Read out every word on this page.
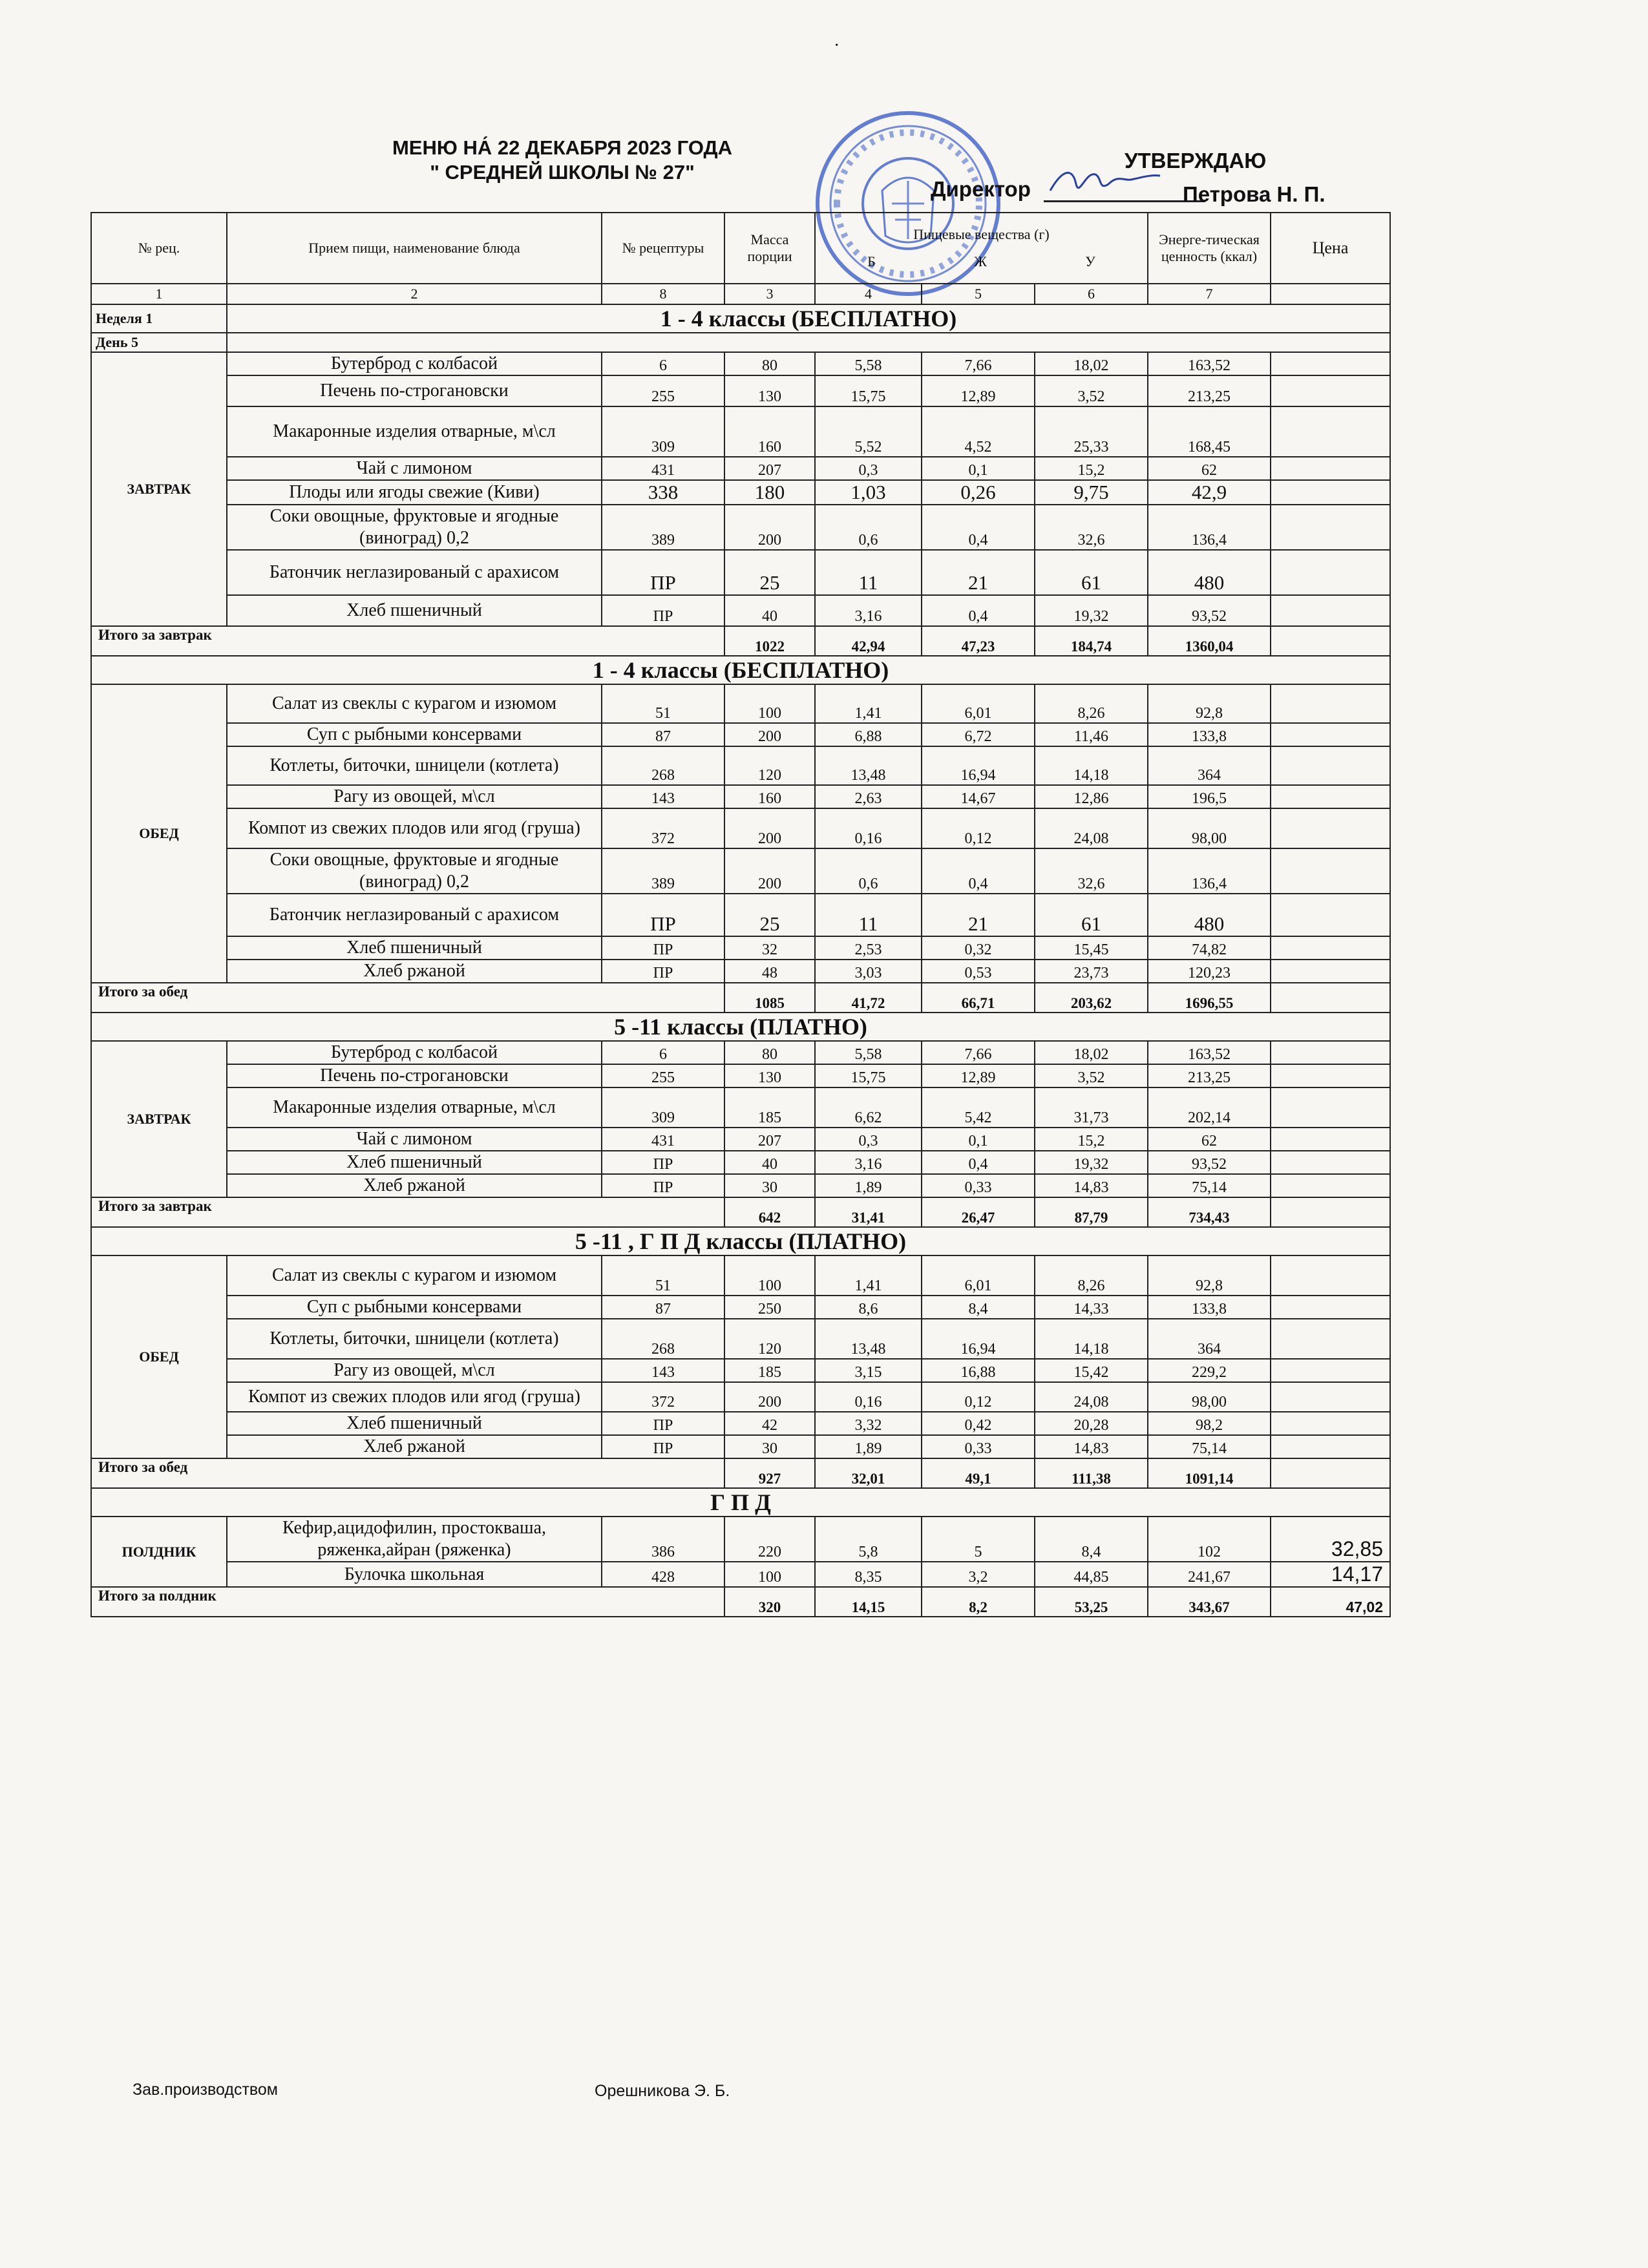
·
МЕНЮ НА́ 22 ДЕКАБРЯ 2023 ГОДА
" СРЕДНЕЙ ШКОЛЫ № 27"	УТВЕРЖДАЮ
Директор	Петрова Н. П.
№ рец.	Прием пищи, наименование блюда	№ рецептуры	Масса порции	Пищевые вещества (г)
Б Ж У			Энерге-тическая ценность (ккал)	Цена
1	2	8	3	4	5	6	7	
Неделя 1	1 - 4 классы (БЕСПЛАТНО)							
День 5								
ЗАВТРАК	Бутерброд с колбасой	6	80	5,58	7,66	18,02	163,52	
	Печень по-строгановски	255	130	15,75	12,89	3,52	213,25	
	Макаронные изделия отварные, м\сл	309	160	5,52	4,52	25,33	168,45	
	Чай с лимоном	431	207	0,3	0,1	15,2	62	
	Плоды или ягоды свежие (Киви)	338	180	1,03	0,26	9,75	42,9	
	Соки овощные, фруктовые и ягодные (виноград) 0,2	389	200	0,6	0,4	32,6	136,4	
	Батончик неглазированый с арахисом	ПР	25	11	21	61	480	
	Хлеб пшеничный	ПР	40	3,16	0,4	19,32	93,52	
Итого за завтрак			1022	42,94	47,23	184,74	1360,04	
1 - 4 классы (БЕСПЛАТНО)								
ОБЕД	Салат из свеклы с курагом и изюмом	51	100	1,41	6,01	8,26	92,8	
	Суп с рыбными консервами	87	200	6,88	6,72	11,46	133,8	
	Котлеты, биточки, шницели (котлета)	268	120	13,48	16,94	14,18	364	
	Рагу из овощей, м\сл	143	160	2,63	14,67	12,86	196,5	
	Компот из свежих плодов или ягод (груша)	372	200	0,16	0,12	24,08	98,00	
	Соки овощные, фруктовые и ягодные (виноград) 0,2	389	200	0,6	0,4	32,6	136,4	
	Батончик неглазированый с арахисом	ПР	25	11	21	61	480	
	Хлеб пшеничный	ПР	32	2,53	0,32	15,45	74,82	
	Хлеб ржаной	ПР	48	3,03	0,53	23,73	120,23	
Итого за обед			1085	41,72	66,71	203,62	1696,55	
5 -11 классы (ПЛАТНО)								
ЗАВТРАК	Бутерброд с колбасой	6	80	5,58	7,66	18,02	163,52	
	Печень по-строгановски	255	130	15,75	12,89	3,52	213,25	
	Макаронные изделия отварные, м\сл	309	185	6,62	5,42	31,73	202,14	
	Чай с лимоном	431	207	0,3	0,1	15,2	62	
	Хлеб пшеничный	ПР	40	3,16	0,4	19,32	93,52	
	Хлеб ржаной	ПР	30	1,89	0,33	14,83	75,14	
Итого за завтрак			642	31,41	26,47	87,79	734,43	
5 -11 , Г П Д классы (ПЛАТНО)								
ОБЕД	Салат из свеклы с курагом и изюмом	51	100	1,41	6,01	8,26	92,8	
	Суп с рыбными консервами	87	250	8,6	8,4	14,33	133,8	
	Котлеты, биточки, шницели (котлета)	268	120	13,48	16,94	14,18	364	
	Рагу из овощей, м\сл	143	185	3,15	16,88	15,42	229,2	
	Компот из свежих плодов или ягод (груша)	372	200	0,16	0,12	24,08	98,00	
	Хлеб пшеничный	ПР	42	3,32	0,42	20,28	98,2	
	Хлеб ржаной	ПР	30	1,89	0,33	14,83	75,14	
Итого за обед			927	32,01	49,1	111,38	1091,14	
Г П Д								
ПОЛДНИК	Кефир,ацидофилин, простокваша, ряженка,айран (ряженка)	386	220	5,8	5	8,4	102	32,85
	Булочка школьная	428	100	8,35	3,2	44,85	241,67	14,17
Итого за полдник			320	14,15	8,2	53,25	343,67	47,02
Зав.производством	Орешникова Э. Б.
